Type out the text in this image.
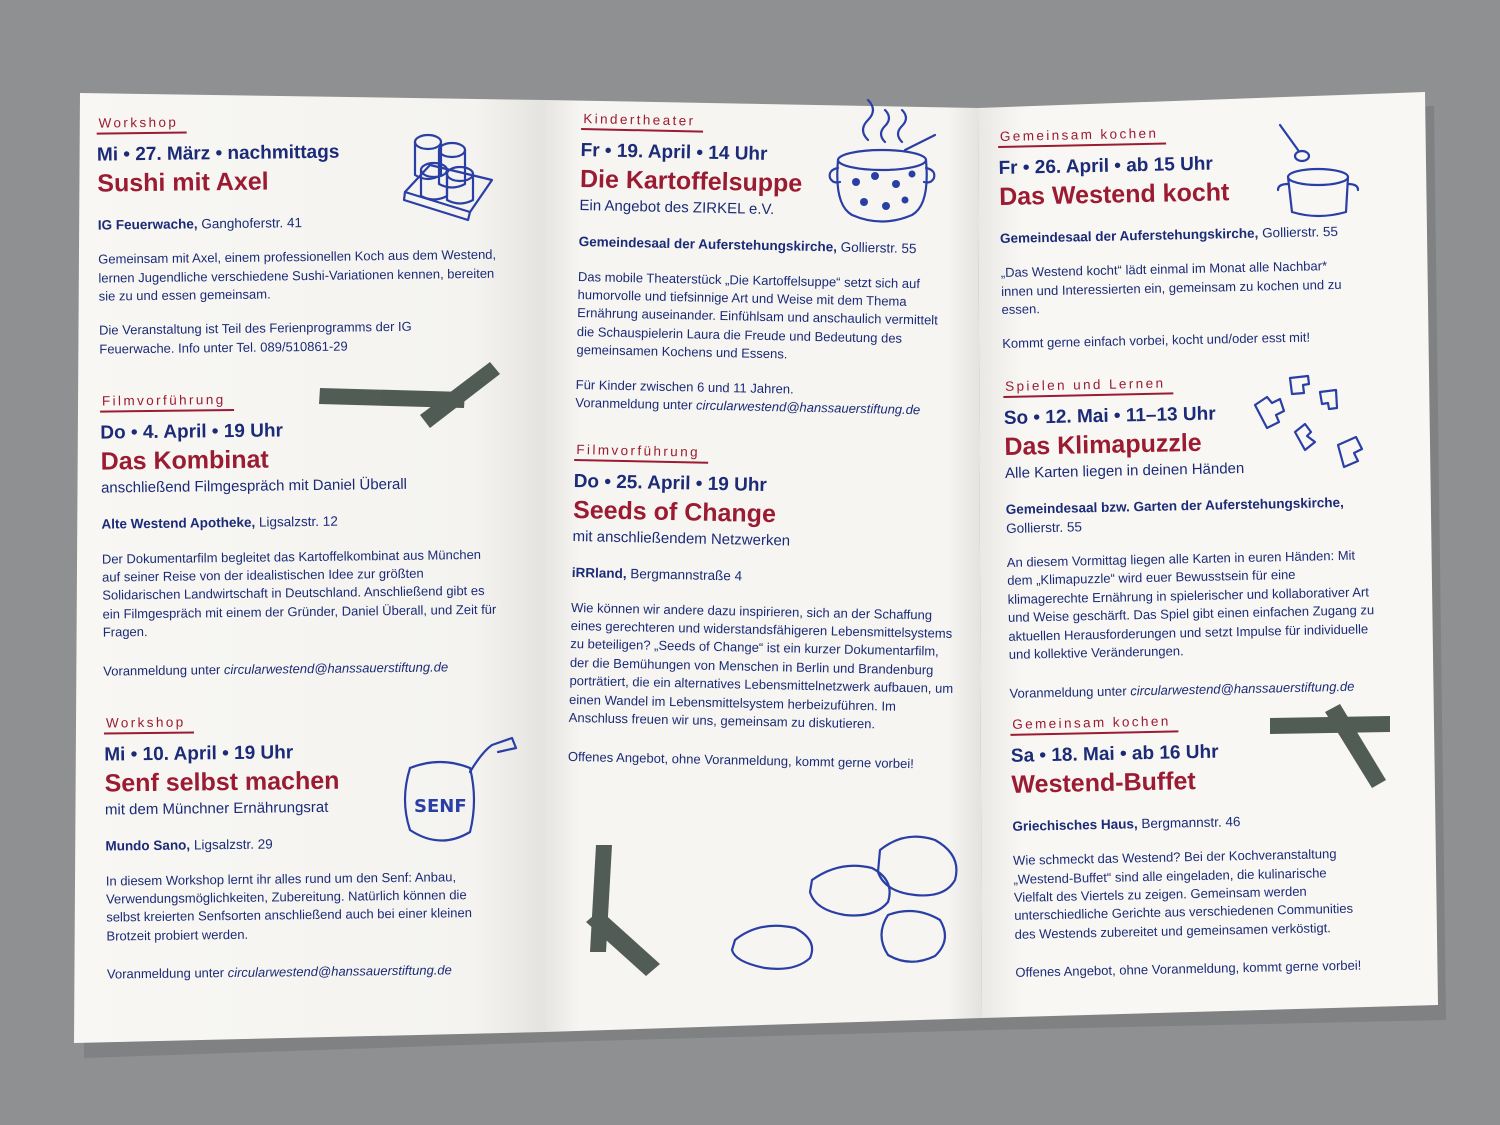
Workshop
Mi • 27. März • nachmittags
Sushi mit Axel
IG Feuerwache, Ganghoferstr. 41
Gemeinsam mit Axel, einem professionellen Koch aus dem Westend, lernen Jugendliche verschiedene Sushi-Variationen kennen, bereiten sie zu und essen gemeinsam.
Die Veranstaltung ist Teil des Ferienprogramms der IG Feuerwache. Info unter Tel. 089/510861-29
Filmvorführung
Do • 4. April • 19 Uhr
Das Kombinat
anschließend Filmgespräch mit Daniel Überall
Alte Westend Apotheke, Ligsalzstr. 12
Der Dokumentarfilm begleitet das Kartoffelkombinat aus München auf seiner Reise von der idealistischen Idee zur größten Solidarischen Landwirtschaft in Deutschland. Anschließend gibt es ein Filmgespräch mit einem der Gründer, Daniel Überall, und Zeit für Fragen.
Voranmeldung unter circularwestend@hanssauerstiftung.de
Workshop
Mi • 10. April • 19 Uhr
Senf selbst machen
mit dem Münchner Ernährungsrat
Mundo Sano, Ligsalzstr. 29
In diesem Workshop lernt ihr alles rund um den Senf: Anbau, Verwendungsmöglichkeiten, Zubereitung. Natürlich können die selbst kreierten Senfsorten anschließend auch bei einer kleinen Brotzeit probiert werden.
Voranmeldung unter circularwestend@hanssauerstiftung.de
Kindertheater
Fr • 19. April • 14 Uhr
Die Kartoffelsuppe
Ein Angebot des ZIRKEL e.V.
Gemeindesaal der Auferstehungskirche, Gollierstr. 55
Das mobile Theaterstück „Die Kartoffelsuppe“ setzt sich auf humorvolle und tiefsinnige Art und Weise mit dem Thema Ernährung auseinander. Einfühlsam und anschaulich vermittelt die Schauspielerin Laura die Freude und Bedeutung des gemeinsamen Kochens und Essens.
Für Kinder zwischen 6 und 11 Jahren.
Voranmeldung unter circularwestend@hanssauerstiftung.de
Filmvorführung
Do • 25. April • 19 Uhr
Seeds of Change
mit anschließendem Netzwerken
iRRland, Bergmannstraße 4
Wie können wir andere dazu inspirieren, sich an der Schaffung eines gerechteren und widerstandsfähigeren Lebensmittelsystems zu beteiligen? „Seeds of Change“ ist ein kurzer Dokumentarfilm, der die Bemühungen von Menschen in Berlin und Brandenburg porträtiert, die ein alternatives Lebensmittelnetzwerk aufbauen, um einen Wandel im Lebensmittelsystem herbeizuführen. Im Anschluss freuen wir uns, gemeinsam zu diskutieren.
Offenes Angebot, ohne Voranmeldung, kommt gerne vorbei!
Gemeinsam kochen
Fr • 26. April • ab 15 Uhr
Das Westend kocht
Gemeindesaal der Auferstehungskirche, Gollierstr. 55
„Das Westend kocht“ lädt einmal im Monat alle Nachbar* innen und Interessierten ein, gemeinsam zu kochen und zu essen.
Kommt gerne einfach vorbei, kocht und/oder esst mit!
Spielen und Lernen
So • 12. Mai • 11–13 Uhr
Das Klimapuzzle
Alle Karten liegen in deinen Händen
Gemeindesaal bzw. Garten der Auferstehungskirche, Gollierstr. 55
An diesem Vormittag liegen alle Karten in euren Händen: Mit dem „Klimapuzzle“ wird euer Bewusstsein für eine klimagerechte Ernährung in spielerischer und kollaborativer Art und Weise geschärft. Das Spiel gibt einen einfachen Zugang zu aktuellen Herausforderungen und setzt Impulse für individuelle und kollektive Veränderungen.
Voranmeldung unter circularwestend@hanssauerstiftung.de
Gemeinsam kochen
Sa • 18. Mai • ab 16 Uhr
Westend-Buffet
Griechisches Haus, Bergmannstr. 46
Wie schmeckt das Westend? Bei der Kochveranstaltung „Westend-Buffet“ sind alle eingeladen, die kulinarische Vielfalt des Viertels zu zeigen. Gemeinsam werden unterschiedliche Gerichte aus verschiedenen Communities des Westends zubereitet und gemeinsamen verköstigt.
Offenes Angebot, ohne Voranmeldung, kommt gerne vorbei!
SENF
